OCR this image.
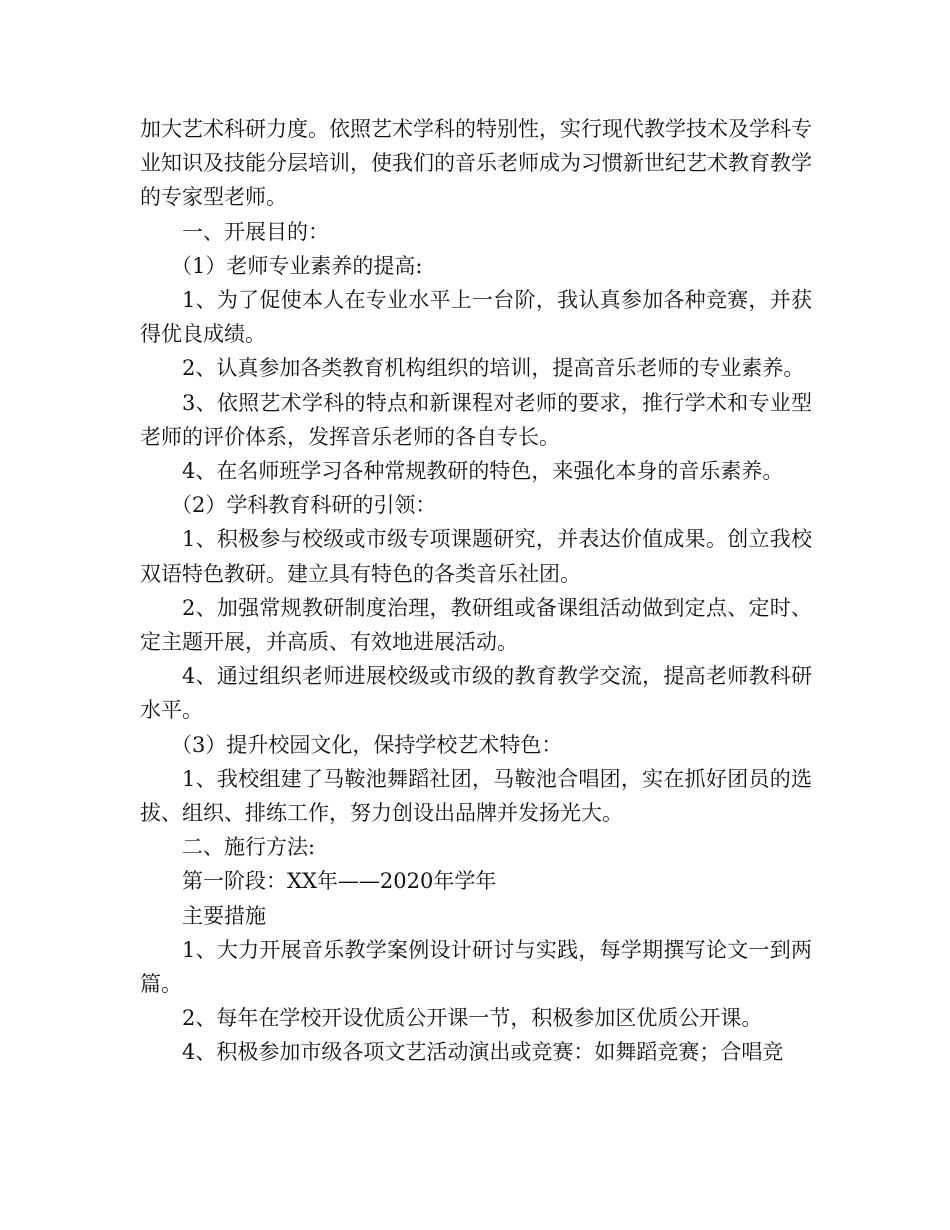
加大艺术科研力度。依照艺术学科的特别性，实行现代教学技术及学科专业知识及技能分层培训，使我们的音乐老师成为习惯新世纪艺术教育教学的专家型老师。

一、开展目的：

（1）老师专业素养的提高:

1、为了促使本人在专业水平上一台阶，我认真参加各种竞赛，并获得优良成绩。

2、认真参加各类教育机构组织的培训，提高音乐老师的专业素养。

3、依照艺术学科的特点和新课程对老师的要求，推行学术和专业型老师的评价体系，发挥音乐老师的各自专长。

4、在名师班学习各种常规教研的特色，来强化本身的音乐素养。

（2）学科教育科研的引领：

1、积极参与校级或市级专项课题研究，并表达价值成果。创立我校双语特色教研。建立具有特色的各类音乐社团。

2、加强常规教研制度治理，教研组或备课组活动做到定点、定时、定主题开展，并高质、有效地进展活动。

4、通过组织老师进展校级或市级的教育教学交流，提高老师教科研水平。

（3）提升校园文化，保持学校艺术特色：

1、我校组建了马鞍池舞蹈社团，马鞍池合唱团，实在抓好团员的选拔、组织、排练工作，努力创设出品牌并发扬光大。

二、施行方法:

第一阶段：XX年——2020年学年

主要措施

1、大力开展音乐教学案例设计研讨与实践，每学期撰写论文一到两篇。

2、每年在学校开设优质公开课一节，积极参加区优质公开课。

4、积极参加市级各项文艺活动演出或竞赛：如舞蹈竞赛；合唱竞
